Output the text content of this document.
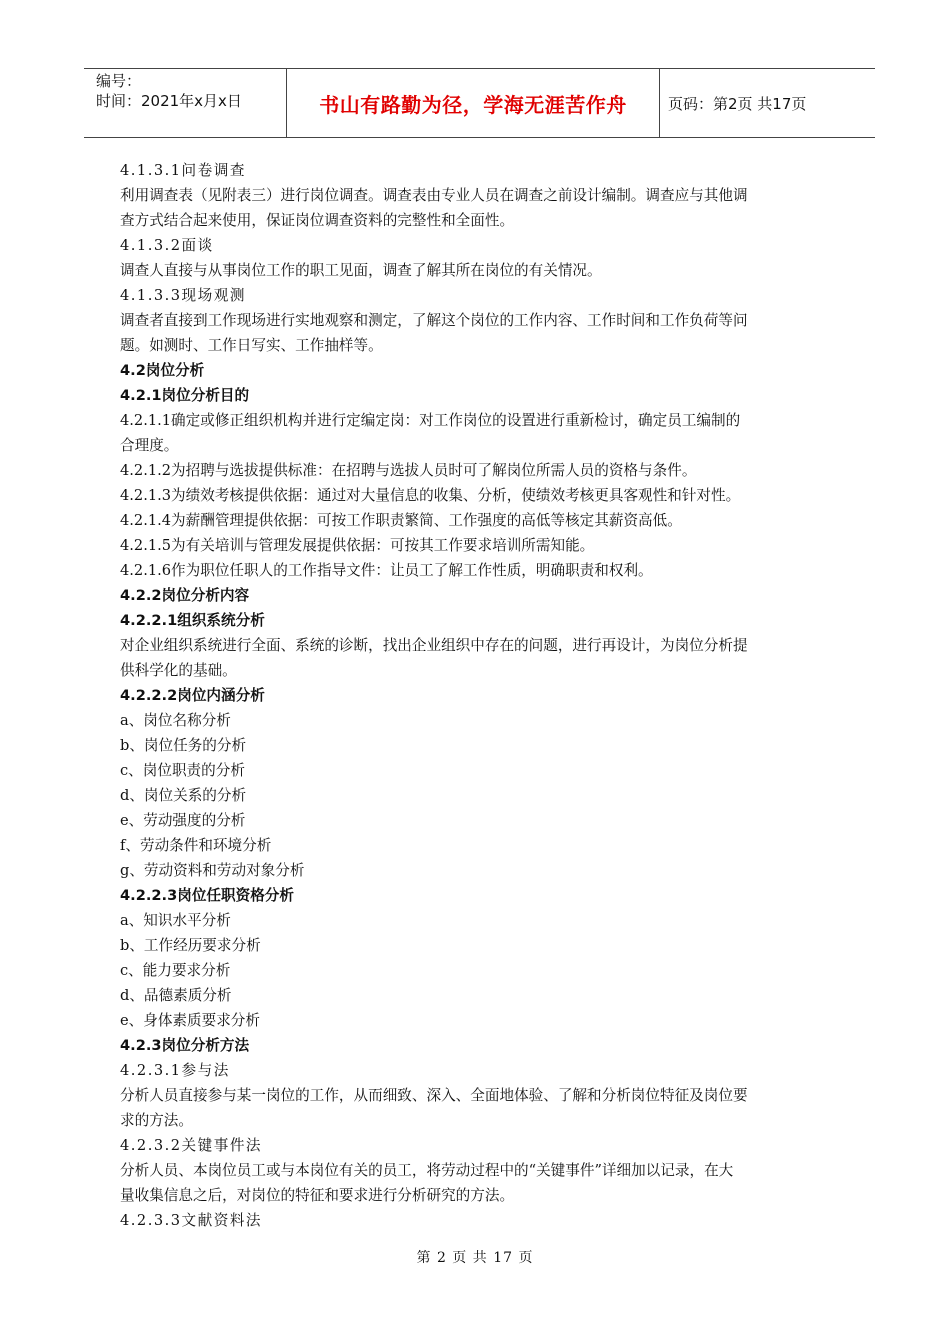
编号：
时间：2021年x月x日	书山有路勤为径，学海无涯苦作舟	页码：第2页 共17页
4.1.3.1问卷调查
利用调查表（见附表三）进行岗位调查。调查表由专业人员在调查之前设计编制。调查应与其他调
查方式结合起来使用，保证岗位调查资料的完整性和全面性。
4.1.3.2面谈
调查人直接与从事岗位工作的职工见面，调查了解其所在岗位的有关情况。
4.1.3.3现场观测
调查者直接到工作现场进行实地观察和测定，了解这个岗位的工作内容、工作时间和工作负荷等问
题。如测时、工作日写实、工作抽样等。
4.2岗位分析
4.2.1岗位分析目的
4.2.1.1确定或修正组织机构并进行定编定岗：对工作岗位的设置进行重新检讨，确定员工编制的
合理度。
4.2.1.2为招聘与选拔提供标准：在招聘与选拔人员时可了解岗位所需人员的资格与条件。
4.2.1.3为绩效考核提供依据：通过对大量信息的收集、分析，使绩效考核更具客观性和针对性。
4.2.1.4为薪酬管理提供依据：可按工作职责繁简、工作强度的高低等核定其薪资高低。
4.2.1.5为有关培训与管理发展提供依据：可按其工作要求培训所需知能。
4.2.1.6作为职位任职人的工作指导文件：让员工了解工作性质，明确职责和权利。
4.2.2岗位分析内容
4.2.2.1组织系统分析
对企业组织系统进行全面、系统的诊断，找出企业组织中存在的问题，进行再设计，为岗位分析提
供科学化的基础。
4.2.2.2岗位内涵分析
a、岗位名称分析
b、岗位任务的分析
c、岗位职责的分析
d、岗位关系的分析
e、劳动强度的分析
f、劳动条件和环境分析
g、劳动资料和劳动对象分析
4.2.2.3岗位任职资格分析
a、知识水平分析
b、工作经历要求分析
c、能力要求分析
d、品德素质分析
e、身体素质要求分析
4.2.3岗位分析方法
4.2.3.1参与法
分析人员直接参与某一岗位的工作，从而细致、深入、全面地体验、了解和分析岗位特征及岗位要
求的方法。
4.2.3.2关键事件法
分析人员、本岗位员工或与本岗位有关的员工，将劳动过程中的“关键事件”详细加以记录，在大
量收集信息之后，对岗位的特征和要求进行分析研究的方法。
4.2.3.3文献资料法
第 2 页 共 17 页
